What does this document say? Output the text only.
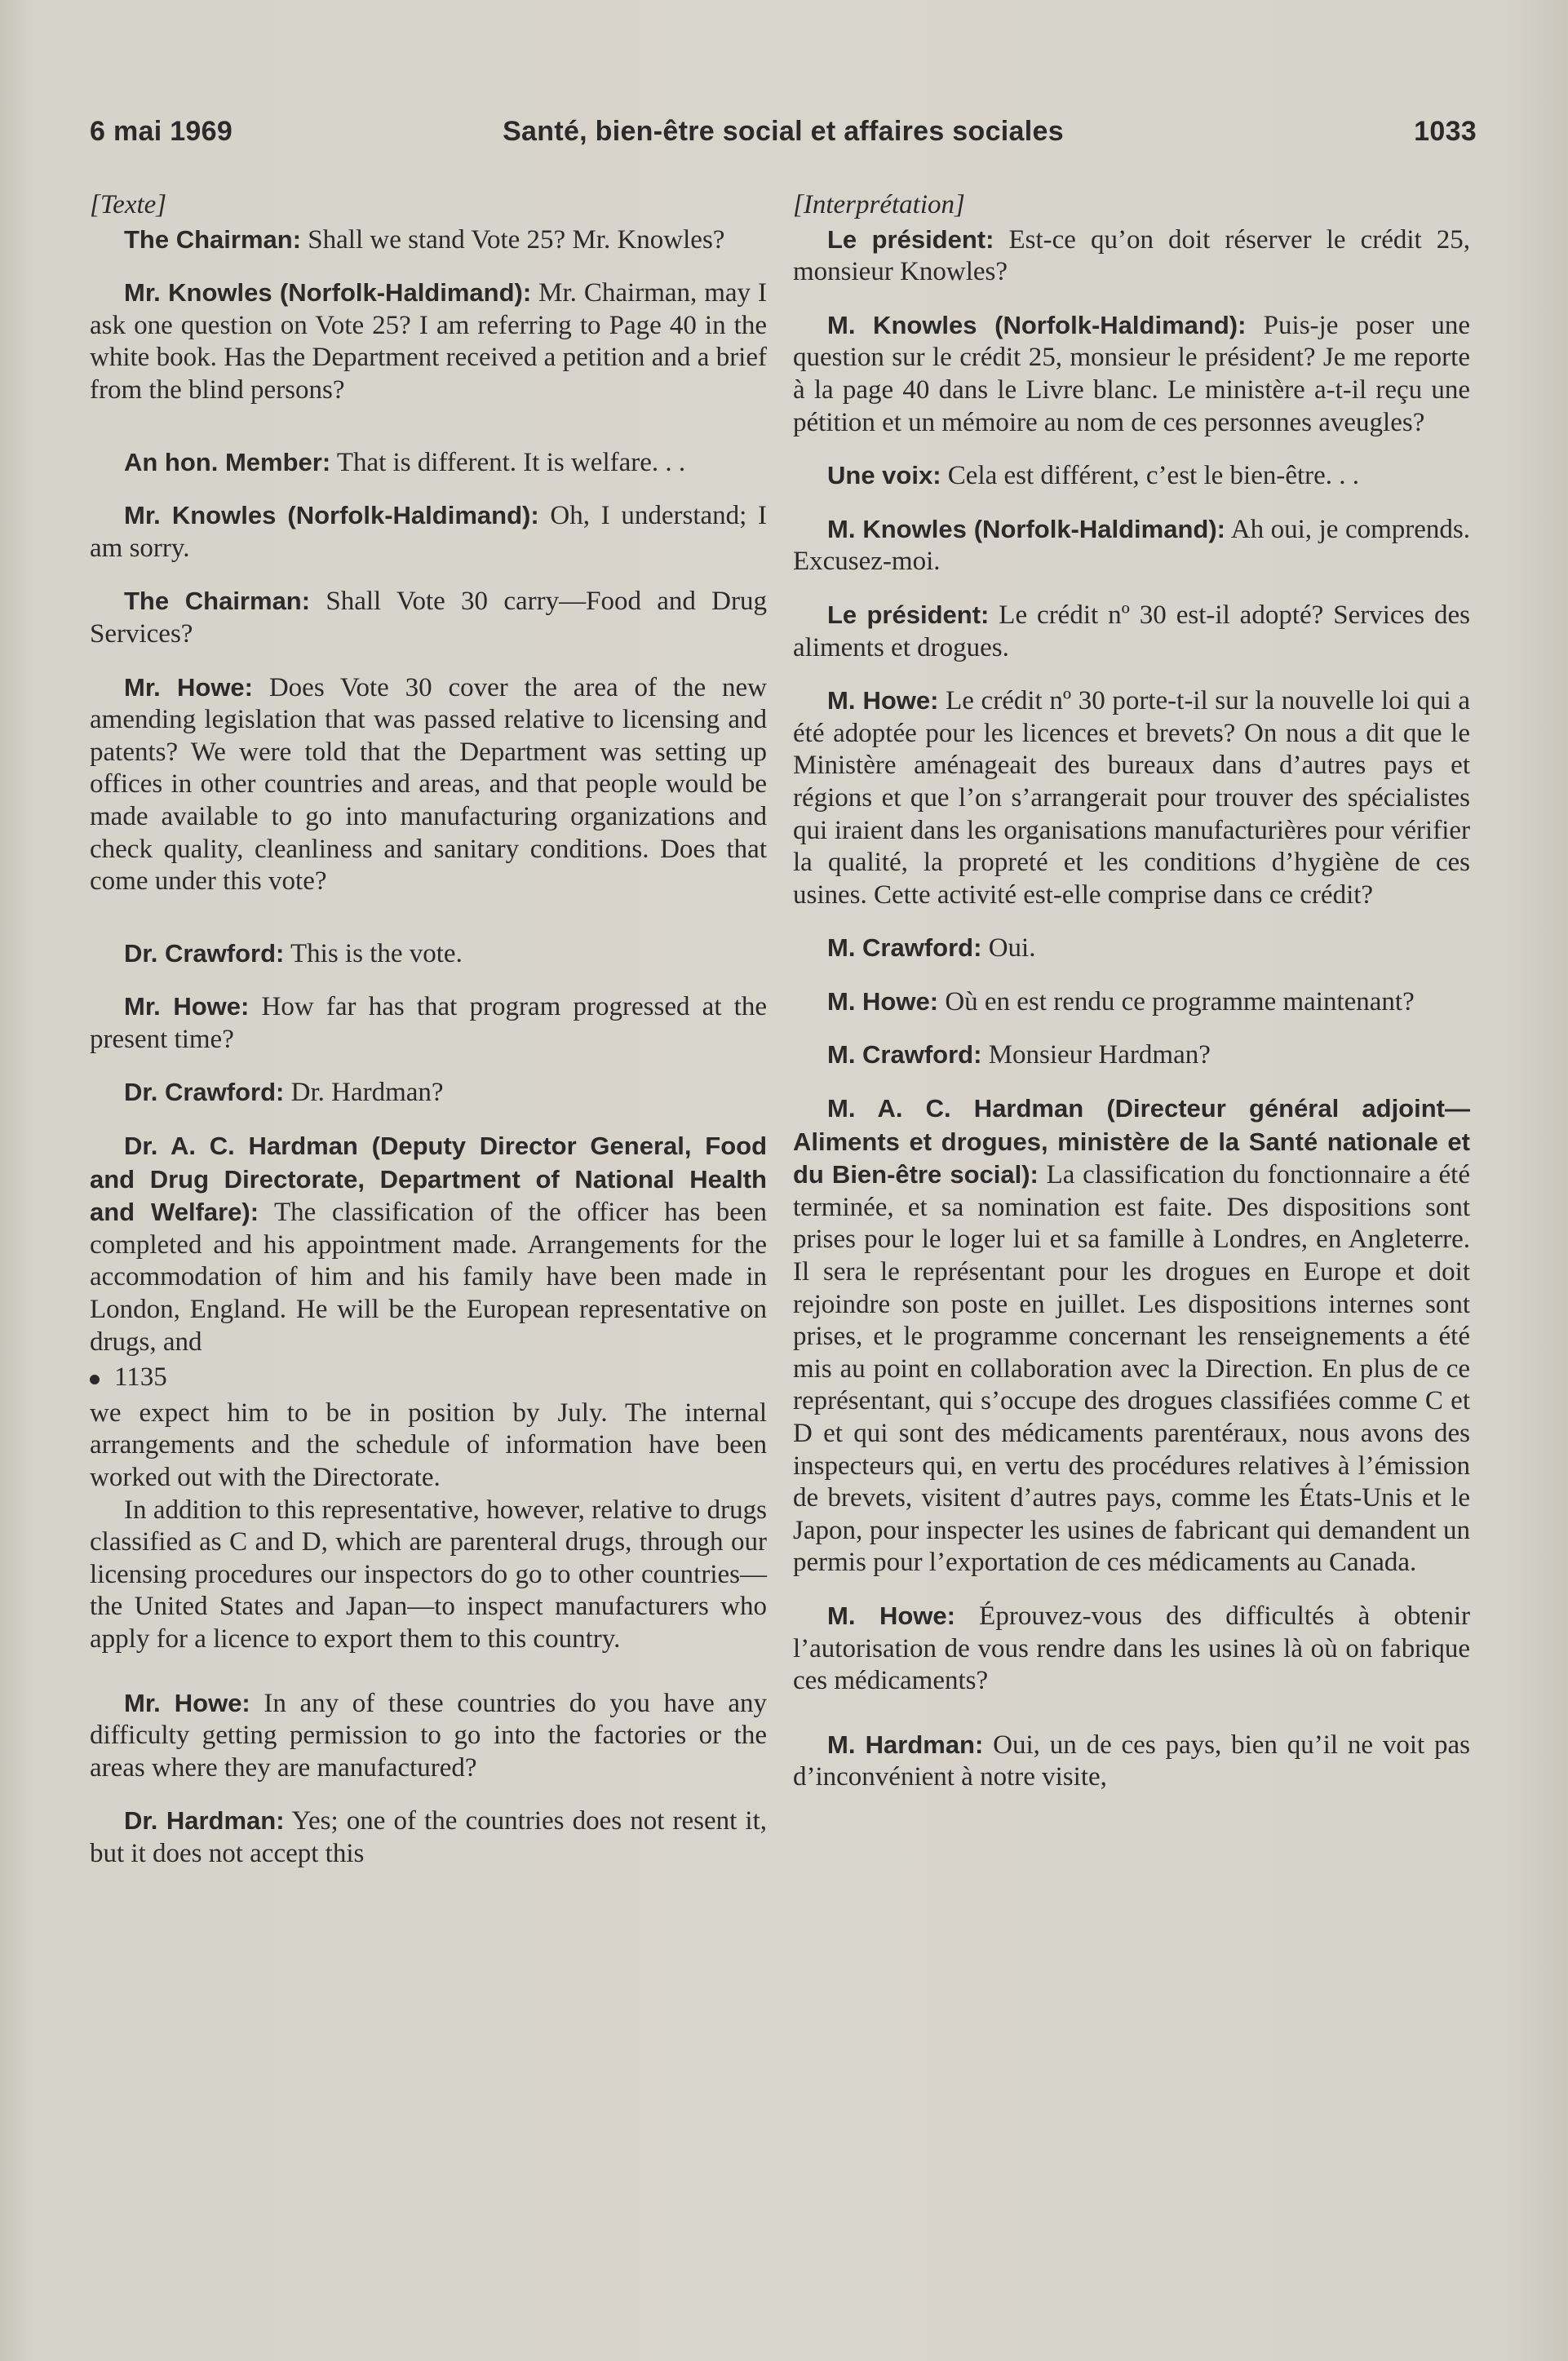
6 mai 1969	Santé, bien-être social et affaires sociales	1033
[Texte]

The Chairman: Shall we stand Vote 25? Mr. Knowles?

Mr. Knowles (Norfolk-Haldimand): Mr. Chairman, may I ask one question on Vote 25? I am referring to Page 40 in the white book. Has the Department received a petition and a brief from the blind persons?

An hon. Member: That is different. It is welfare. . .

Mr. Knowles (Norfolk-Haldimand): Oh, I understand; I am sorry.

The Chairman: Shall Vote 30 carry—Food and Drug Services?

Mr. Howe: Does Vote 30 cover the area of the new amending legislation that was passed relative to licensing and patents? We were told that the Department was setting up offices in other countries and areas, and that people would be made available to go into manufacturing organizations and check quality, cleanliness and sanitary conditions. Does that come under this vote?

Dr. Crawford: This is the vote.

Mr. Howe: How far has that program progressed at the present time?

Dr. Crawford: Dr. Hardman?

Dr. A. C. Hardman (Deputy Director General, Food and Drug Directorate, Department of National Health and Welfare): The classification of the officer has been completed and his appointment made. Arrangements for the accommodation of him and his family have been made in London, England. He will be the European representative on drugs, and

1135

we expect him to be in position by July. The internal arrangements and the schedule of information have been worked out with the Directorate.

In addition to this representative, however, relative to drugs classified as C and D, which are parenteral drugs, through our licensing procedures our inspectors do go to other countries—the United States and Japan—to inspect manufacturers who apply for a licence to export them to this country.

Mr. Howe: In any of these countries do you have any difficulty getting permission to go into the factories or the areas where they are manufactured?

Dr. Hardman: Yes; one of the countries does not resent it, but it does not accept this

[Interprétation]

Le président: Est-ce qu’on doit réserver le crédit 25, monsieur Knowles?

M. Knowles (Norfolk-Haldimand): Puis-je poser une question sur le crédit 25, monsieur le président? Je me reporte à la page 40 dans le Livre blanc. Le ministère a-t-il reçu une pétition et un mémoire au nom de ces personnes aveugles?

Une voix: Cela est différent, c’est le bien-être. . .

M. Knowles (Norfolk-Haldimand): Ah oui, je comprends. Excusez-moi.

Le président: Le crédit nº 30 est-il adopté? Services des aliments et drogues.

M. Howe: Le crédit nº 30 porte-t-il sur la nouvelle loi qui a été adoptée pour les licences et brevets? On nous a dit que le Ministère aménageait des bureaux dans d’autres pays et régions et que l’on s’arrangerait pour trouver des spécialistes qui iraient dans les organisations manufacturières pour vérifier la qualité, la propreté et les conditions d’hygiène de ces usines. Cette activité est-elle comprise dans ce crédit?

M. Crawford: Oui.

M. Howe: Où en est rendu ce programme maintenant?

M. Crawford: Monsieur Hardman?

M. A. C. Hardman (Directeur général adjoint—Aliments et drogues, ministère de la Santé nationale et du Bien-être social): La classification du fonctionnaire a été terminée, et sa nomination est faite. Des dispositions sont prises pour le loger lui et sa famille à Londres, en Angleterre. Il sera le représentant pour les drogues en Europe et doit rejoindre son poste en juillet. Les dispositions internes sont prises, et le programme concernant les renseignements a été mis au point en collaboration avec la Direction. En plus de ce représentant, qui s’occupe des drogues classifiées comme C et D et qui sont des médicaments parentéraux, nous avons des inspecteurs qui, en vertu des procédures relatives à l’émission de brevets, visitent d’autres pays, comme les États-Unis et le Japon, pour inspecter les usines de fabricant qui demandent un permis pour l’exportation de ces médicaments au Canada.

M. Howe: Éprouvez-vous des difficultés à obtenir l’autorisation de vous rendre dans les usines là où on fabrique ces médicaments?

M. Hardman: Oui, un de ces pays, bien qu’il ne voit pas d’inconvénient à notre visite,
